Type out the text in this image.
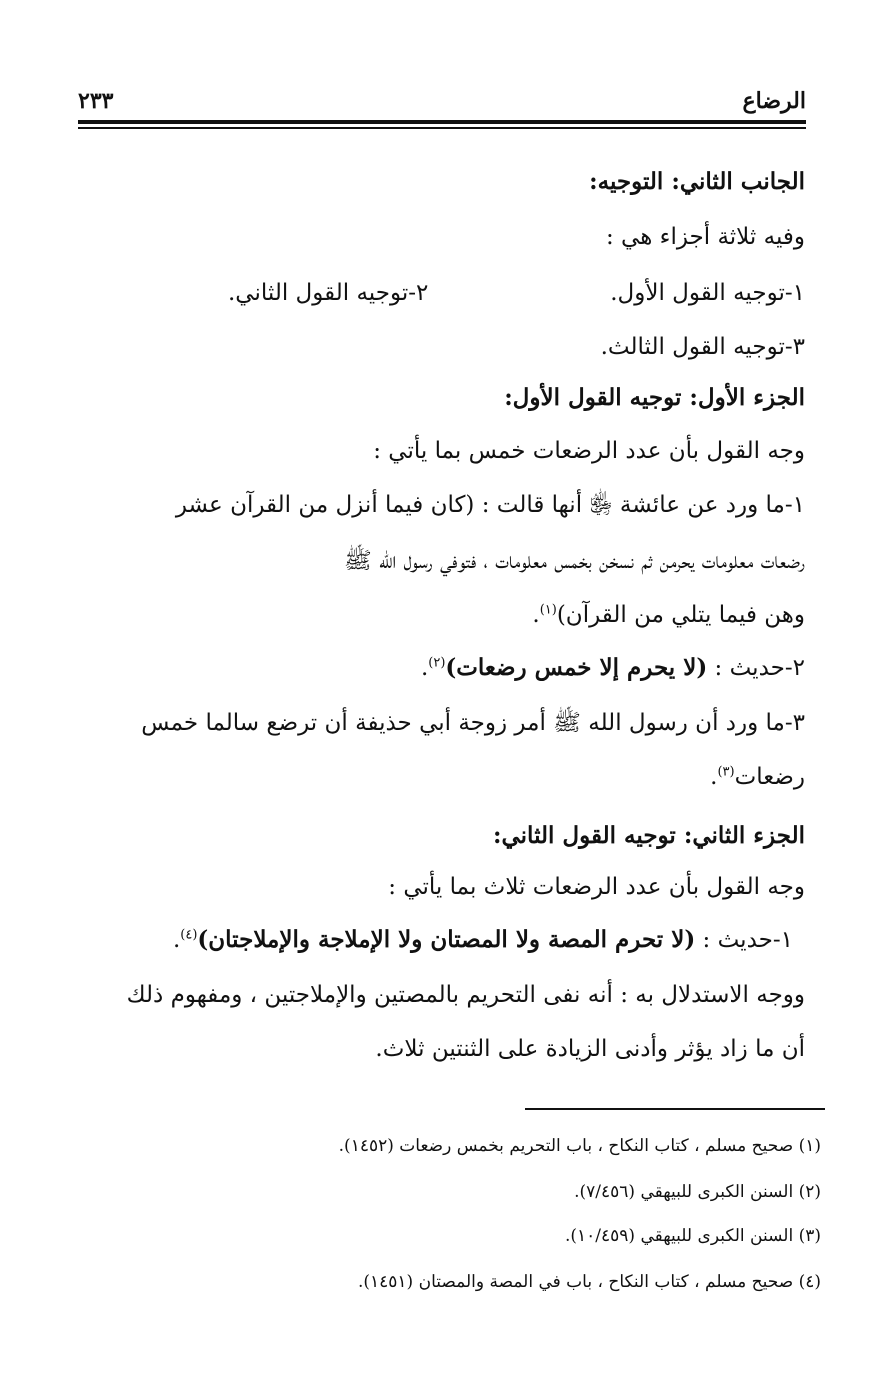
الرضاع
٢٣٣
الجانب الثاني: التوجيه:
وفيه ثلاثة أجزاء هي :
١-توجيه القول الأول.
٢-توجيه القول الثاني.
٣-توجيه القول الثالث.
الجزء الأول: توجيه القول الأول:
وجه القول بأن عدد الرضعات خمس بما يأتي :
١-ما ورد عن عائشة ﵂ أنها قالت : (كان فيما أنزل من القرآن عشر
رضعات معلومات يحرمن ثم نسخن بخمس معلومات ، فتوفي رسول الله ﷺ
وهن فيما يتلي من القرآن)$^{(١)}$.
٢-حديث : (لا يحرم إلا خمس رضعات)$^{(٢)}$.
٣-ما ورد أن رسول الله ﷺ أمر زوجة أبي حذيفة أن ترضع سالما خمس
رضعات$^{(٣)}$.
الجزء الثاني: توجيه القول الثاني:
وجه القول بأن عدد الرضعات ثلاث بما يأتي :
١-حديث : (لا تحرم المصة ولا المصتان ولا الإملاجة والإملاجتان)$^{(٤)}$.
ووجه الاستدلال به : أنه نفى التحريم بالمصتين والإملاجتين ، ومفهوم ذلك
أن ما زاد يؤثر وأدنى الزيادة على الثنتين ثلاث.
(١) صحيح مسلم ، كتاب النكاح ، باب التحريم بخمس رضعات (١٤٥٢).
(٢) السنن الكبرى للبيهقي (٧/٤٥٦).
(٣) السنن الكبرى للبيهقي (١٠/٤٥٩).
(٤) صحيح مسلم ، كتاب النكاح ، باب في المصة والمصتان (١٤٥١).
